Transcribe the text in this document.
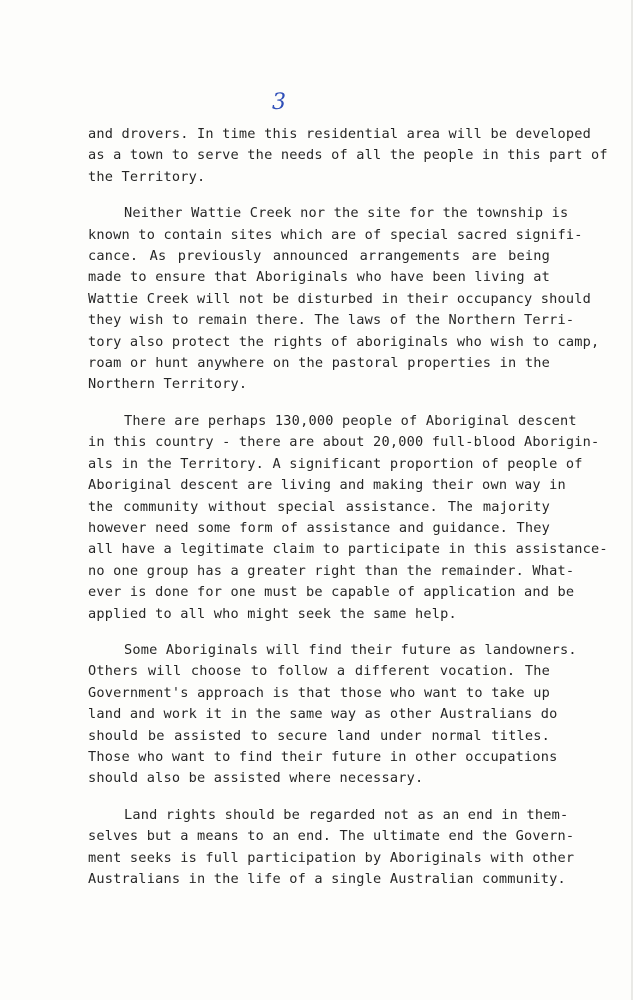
3
and drovers. In time this residential area will be developed
as a town to serve the needs of all the people in this part of
the Territory.
Neither Wattie Creek nor the site for the township is
known to contain sites which are of special sacred signifi-
cance. As previously announced arrangements are being
made to ensure that Aboriginals who have been living at
Wattie Creek will not be disturbed in their occupancy should
they wish to remain there. The laws of the Northern Terri-
tory also protect the rights of aboriginals who wish to camp,
roam or hunt anywhere on the pastoral properties in the
Northern Territory.
There are perhaps 130,000 people of Aboriginal descent
in this country - there are about 20,000 full-blood Aborigin-
als in the Territory. A significant proportion of people of
Aboriginal descent are living and making their own way in
the community without special assistance. The majority
however need some form of assistance and guidance. They
all have a legitimate claim to participate in this assistance-
no one group has a greater right than the remainder. What-
ever is done for one must be capable of application and be
applied to all who might seek the same help.
Some Aboriginals will find their future as landowners.
Others will choose to follow a different vocation. The
Government's approach is that those who want to take up
land and work it in the same way as other Australians do
should be assisted to secure land under normal titles.
Those who want to find their future in other occupations
should also be assisted where necessary.
Land rights should be regarded not as an end in them-
selves but a means to an end. The ultimate end the Govern-
ment seeks is full participation by Aboriginals with other
Australians in the life of a single Australian community.
